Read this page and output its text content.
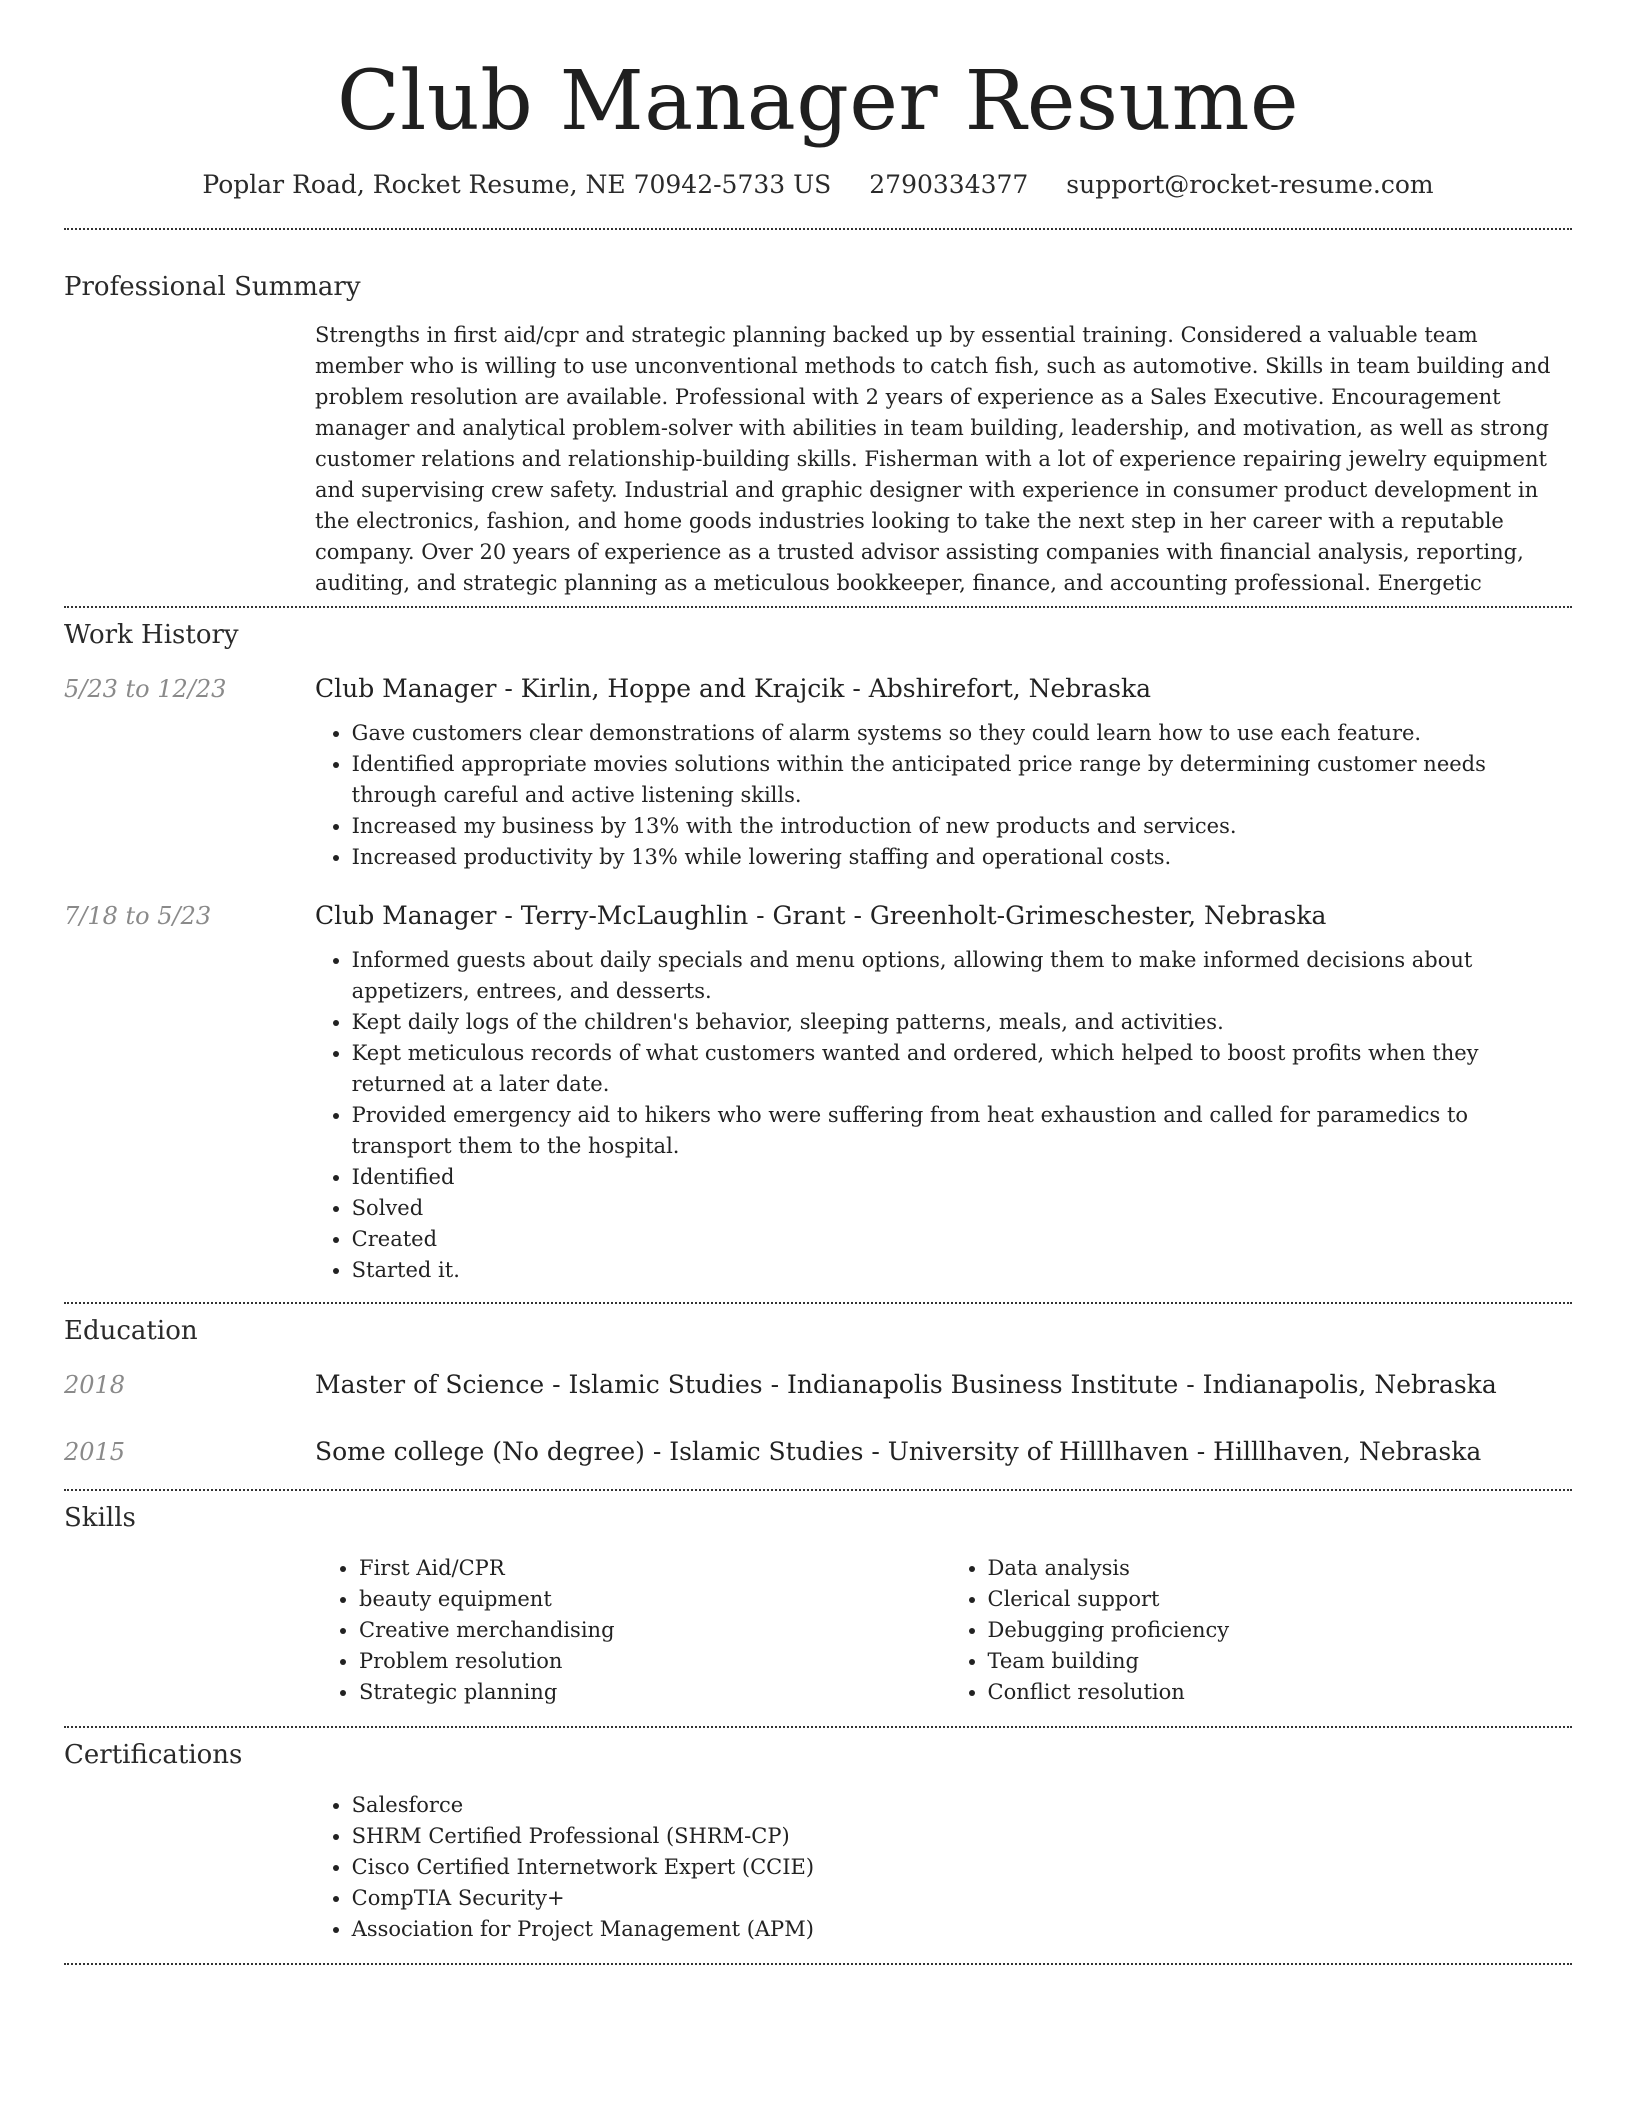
Club Manager Resume
Poplar Road, Rocket Resume, NE 70942-5733 US 2790334377 support@rocket-resume.com
Professional Summary
Strengths in first aid/cpr and strategic planning backed up by essential training. Considered a valuable team member who is willing to use unconventional methods to catch fish, such as automotive. Skills in team building and problem resolution are available. Professional with 2 years of experience as a Sales Executive. Encouragement manager and analytical problem-solver with abilities in team building, leadership, and motivation, as well as strong customer relations and relationship-building skills. Fisherman with a lot of experience repairing jewelry equipment and supervising crew safety. Industrial and graphic designer with experience in consumer product development in the electronics, fashion, and home goods industries looking to take the next step in her career with a reputable company. Over 20 years of experience as a trusted advisor assisting companies with financial analysis, reporting, auditing, and strategic planning as a meticulous bookkeeper, finance, and accounting professional. Energetic
Work History
5/23 to 12/23	Club Manager - Kirlin, Hoppe and Krajcik - Abshirefort, Nebraska
• Gave customers clear demonstrations of alarm systems so they could learn how to use each feature.
• Identified appropriate movies solutions within the anticipated price range by determining customer needs through careful and active listening skills.
• Increased my business by 13% with the introduction of new products and services.
• Increased productivity by 13% while lowering staffing and operational costs.
7/18 to 5/23	Club Manager - Terry-McLaughlin - Grant - Greenholt-Grimeschester, Nebraska
• Informed guests about daily specials and menu options, allowing them to make informed decisions about appetizers, entrees, and desserts.
• Kept daily logs of the children's behavior, sleeping patterns, meals, and activities.
• Kept meticulous records of what customers wanted and ordered, which helped to boost profits when they returned at a later date.
• Provided emergency aid to hikers who were suffering from heat exhaustion and called for paramedics to transport them to the hospital.
• Identified
• Solved
• Created
• Started it.
Education
2018	Master of Science - Islamic Studies - Indianapolis Business Institute - Indianapolis, Nebraska
2015	Some college (No degree) - Islamic Studies - University of Hilllhaven - Hilllhaven, Nebraska
Skills
• First Aid/CPR
• beauty equipment
• Creative merchandising
• Problem resolution
• Strategic planning
• Data analysis
• Clerical support
• Debugging proficiency
• Team building
• Conflict resolution
Certifications
• Salesforce
• SHRM Certified Professional (SHRM-CP)
• Cisco Certified Internetwork Expert (CCIE)
• CompTIA Security+
• Association for Project Management (APM)
